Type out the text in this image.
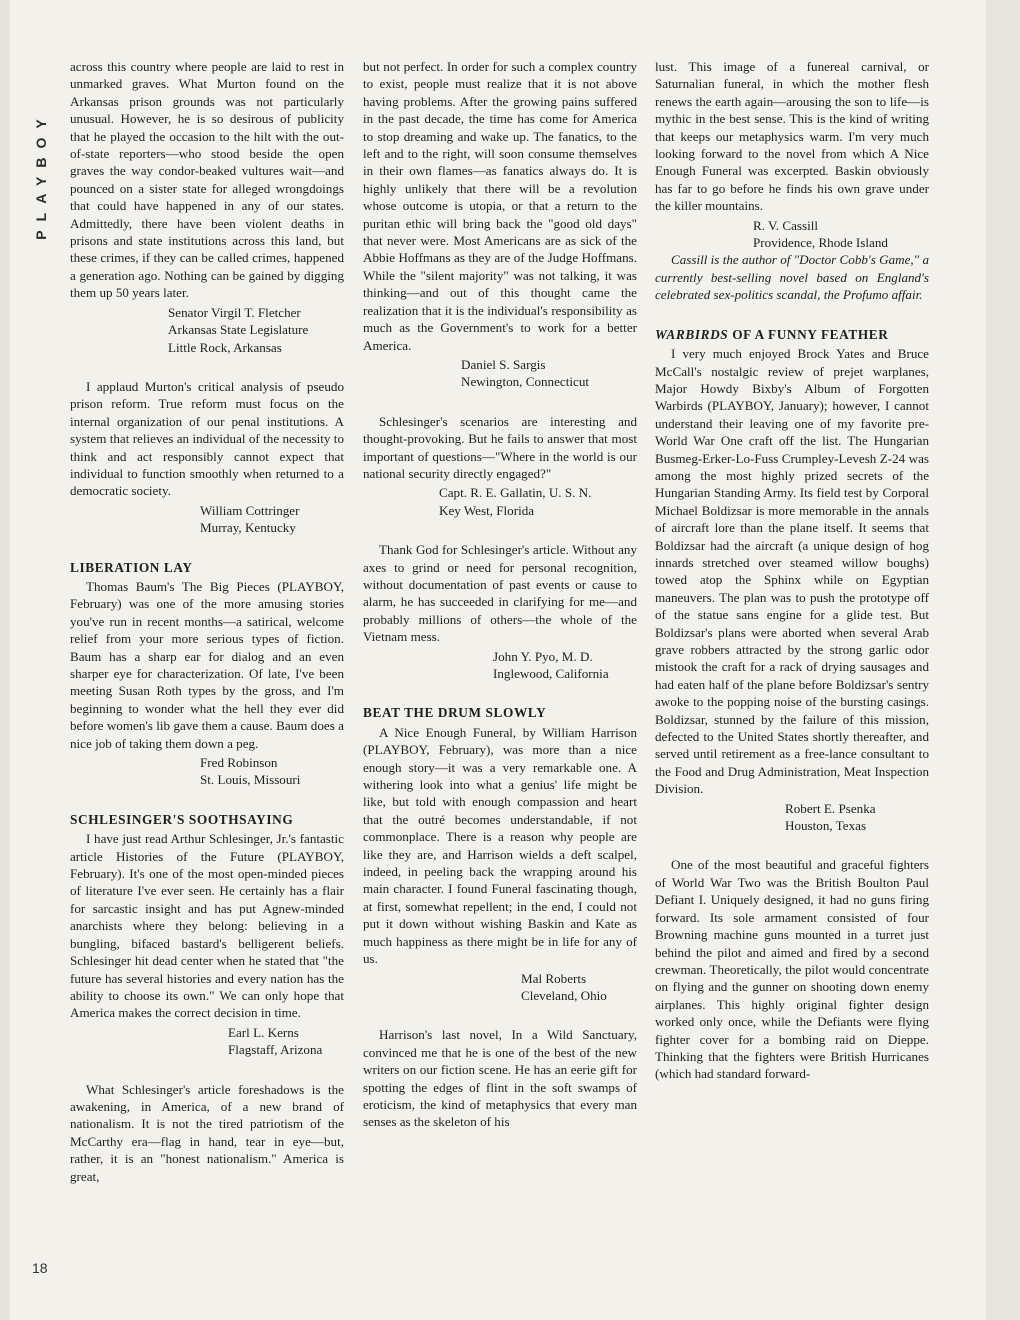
PLAYBOY
18

across this country where people are laid to rest in unmarked graves. What Murton found on the Arkansas prison grounds was not particularly unusual. However, he is so desirous of publicity that he played the occasion to the hilt with the out-of-state reporters—who stood beside the open graves the way condor-beaked vultures wait—and pounced on a sister state for alleged wrongdoings that could have happened in any of our states. Admittedly, there have been violent deaths in prisons and state institutions across this land, but these crimes, if they can be called crimes, happened a generation ago. Nothing can be gained by digging them up 50 years later.

Senator Virgil T. Fletcher
Arkansas State Legislature
Little Rock, Arkansas

I applaud Murton's critical analysis of pseudo prison reform. True reform must focus on the internal organization of our penal institutions. A system that relieves an individual of the necessity to think and act responsibly cannot expect that individual to function smoothly when returned to a democratic society.

William Cottringer
Murray, Kentucky
LIBERATION LAY

Thomas Baum's The Big Pieces (PLAYBOY, February) was one of the more amusing stories you've run in recent months—a satirical, welcome relief from your more serious types of fiction. Baum has a sharp ear for dialog and an even sharper eye for characterization. Of late, I've been meeting Susan Roth types by the gross, and I'm beginning to wonder what the hell they ever did before women's lib gave them a cause. Baum does a nice job of taking them down a peg.

Fred Robinson
St. Louis, Missouri
SCHLESINGER'S SOOTHSAYING

I have just read Arthur Schlesinger, Jr.'s fantastic article Histories of the Future (PLAYBOY, February). It's one of the most open-minded pieces of literature I've ever seen. He certainly has a flair for sarcastic insight and has put Agnew-minded anarchists where they belong: believing in a bungling, bifaced bastard's belligerent beliefs. Schlesinger hit dead center when he stated that "the future has several histories and every nation has the ability to choose its own." We can only hope that America makes the correct decision in time.

Earl L. Kerns
Flagstaff, Arizona

What Schlesinger's article foreshadows is the awakening, in America, of a new brand of nationalism. It is not the tired patriotism of the McCarthy era—flag in hand, tear in eye—but, rather, it is an "honest nationalism." America is great,

but not perfect. In order for such a complex country to exist, people must realize that it is not above having problems. After the growing pains suffered in the past decade, the time has come for America to stop dreaming and wake up. The fanatics, to the left and to the right, will soon consume themselves in their own flames—as fanatics always do. It is highly unlikely that there will be a revolution whose outcome is utopia, or that a return to the puritan ethic will bring back the "good old days" that never were. Most Americans are as sick of the Abbie Hoffmans as they are of the Judge Hoffmans. While the "silent majority" was not talking, it was thinking—and out of this thought came the realization that it is the individual's responsibility as much as the Government's to work for a better America.

Daniel S. Sargis
Newington, Connecticut

Schlesinger's scenarios are interesting and thought-provoking. But he fails to answer that most important of questions—"Where in the world is our national security directly engaged?"

Capt. R. E. Gallatin, U. S. N.
Key West, Florida

Thank God for Schlesinger's article. Without any axes to grind or need for personal recognition, without documentation of past events or cause to alarm, he has succeeded in clarifying for me—and probably millions of others—the whole of the Vietnam mess.

John Y. Pyo, M. D.
Inglewood, California
BEAT THE DRUM SLOWLY

A Nice Enough Funeral, by William Harrison (PLAYBOY, February), was more than a nice enough story—it was a very remarkable one. A withering look into what a genius' life might be like, but told with enough compassion and heart that the outré becomes understandable, if not commonplace. There is a reason why people are like they are, and Harrison wields a deft scalpel, indeed, in peeling back the wrapping around his main character. I found Funeral fascinating though, at first, somewhat repellent; in the end, I could not put it down without wishing Baskin and Kate as much happiness as there might be in life for any of us.

Mal Roberts
Cleveland, Ohio

Harrison's last novel, In a Wild Sanctuary, convinced me that he is one of the best of the new writers on our fiction scene. He has an eerie gift for spotting the edges of flint in the soft swamps of eroticism, the kind of metaphysics that every man senses as the skeleton of his

lust. This image of a funereal carnival, or Saturnalian funeral, in which the mother flesh renews the earth again—arousing the son to life—is mythic in the best sense. This is the kind of writing that keeps our metaphysics warm. I'm very much looking forward to the novel from which A Nice Enough Funeral was excerpted. Baskin obviously has far to go before he finds his own grave under the killer mountains.

R. V. Cassill
Providence, Rhode Island

Cassill is the author of "Doctor Cobb's Game," a currently best-selling novel based on England's celebrated sex-politics scandal, the Profumo affair.

WARBIRDS OF A FUNNY FEATHER

I very much enjoyed Brock Yates and Bruce McCall's nostalgic review of prejet warplanes, Major Howdy Bixby's Album of Forgotten Warbirds (PLAYBOY, January); however, I cannot understand their leaving one of my favorite pre-World War One craft off the list. The Hungarian Busmeg-Erker-Lo-Fuss Crumpley-Levesh Z-24 was among the most highly prized secrets of the Hungarian Standing Army. Its field test by Corporal Michael Boldizsar is more memorable in the annals of aircraft lore than the plane itself. It seems that Boldizsar had the aircraft (a unique design of hog innards stretched over steamed willow boughs) towed atop the Sphinx while on Egyptian maneuvers. The plan was to push the prototype off of the statue sans engine for a glide test. But Boldizsar's plans were aborted when several Arab grave robbers attracted by the strong garlic odor mistook the craft for a rack of drying sausages and had eaten half of the plane before Boldizsar's sentry awoke to the popping noise of the bursting casings. Boldizsar, stunned by the failure of this mission, defected to the United States shortly thereafter, and served until retirement as a free-lance consultant to the Food and Drug Administration, Meat Inspection Division.

Robert E. Psenka
Houston, Texas

One of the most beautiful and graceful fighters of World War Two was the British Boulton Paul Defiant I. Uniquely designed, it had no guns firing forward. Its sole armament consisted of four Browning machine guns mounted in a turret just behind the pilot and aimed and fired by a second crewman. Theoretically, the pilot would concentrate on flying and the gunner on shooting down enemy airplanes. This highly original fighter design worked only once, while the Defiants were flying fighter cover for a bombing raid on Dieppe. Thinking that the fighters were British Hurricanes (which had standard forward-
